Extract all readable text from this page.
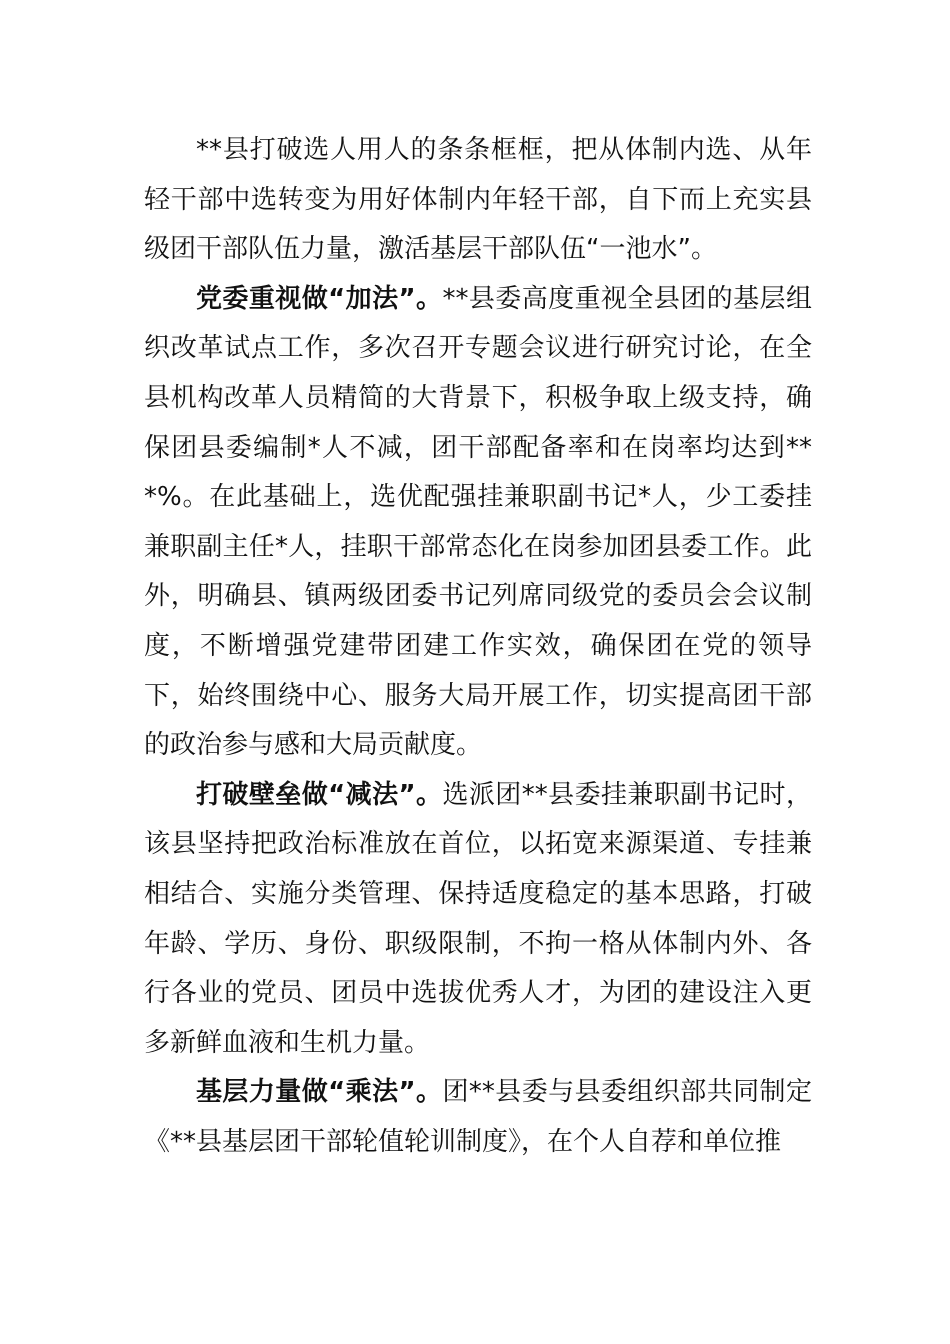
**县打破选人用人的条条框框，把从体制内选、从年轻干部中选转变为用好体制内年轻干部，自下而上充实县级团干部队伍力量，激活基层干部队伍“一池水”。

党委重视做“加法”。**县委高度重视全县团的基层组织改革试点工作，多次召开专题会议进行研究讨论，在全县机构改革人员精简的大背景下，积极争取上级支持，确保团县委编制*人不减，团干部配备率和在岗率均达到***%。在此基础上，选优配强挂兼职副书记*人，少工委挂兼职副主任*人，挂职干部常态化在岗参加团县委工作。此外，明确县、镇两级团委书记列席同级党的委员会会议制度，不断增强党建带团建工作实效，确保团在党的领导下，始终围绕中心、服务大局开展工作，切实提高团干部的政治参与感和大局贡献度。

打破壁垒做“减法”。选派团**县委挂兼职副书记时，该县坚持把政治标准放在首位，以拓宽来源渠道、专挂兼相结合、实施分类管理、保持适度稳定的基本思路，打破年龄、学历、身份、职级限制，不拘一格从体制内外、各行各业的党员、团员中选拔优秀人才，为团的建设注入更多新鲜血液和生机力量。

基层力量做“乘法”。团**县委与县委组织部共同制定《**县基层团干部轮值轮训制度》，在个人自荐和单位推
